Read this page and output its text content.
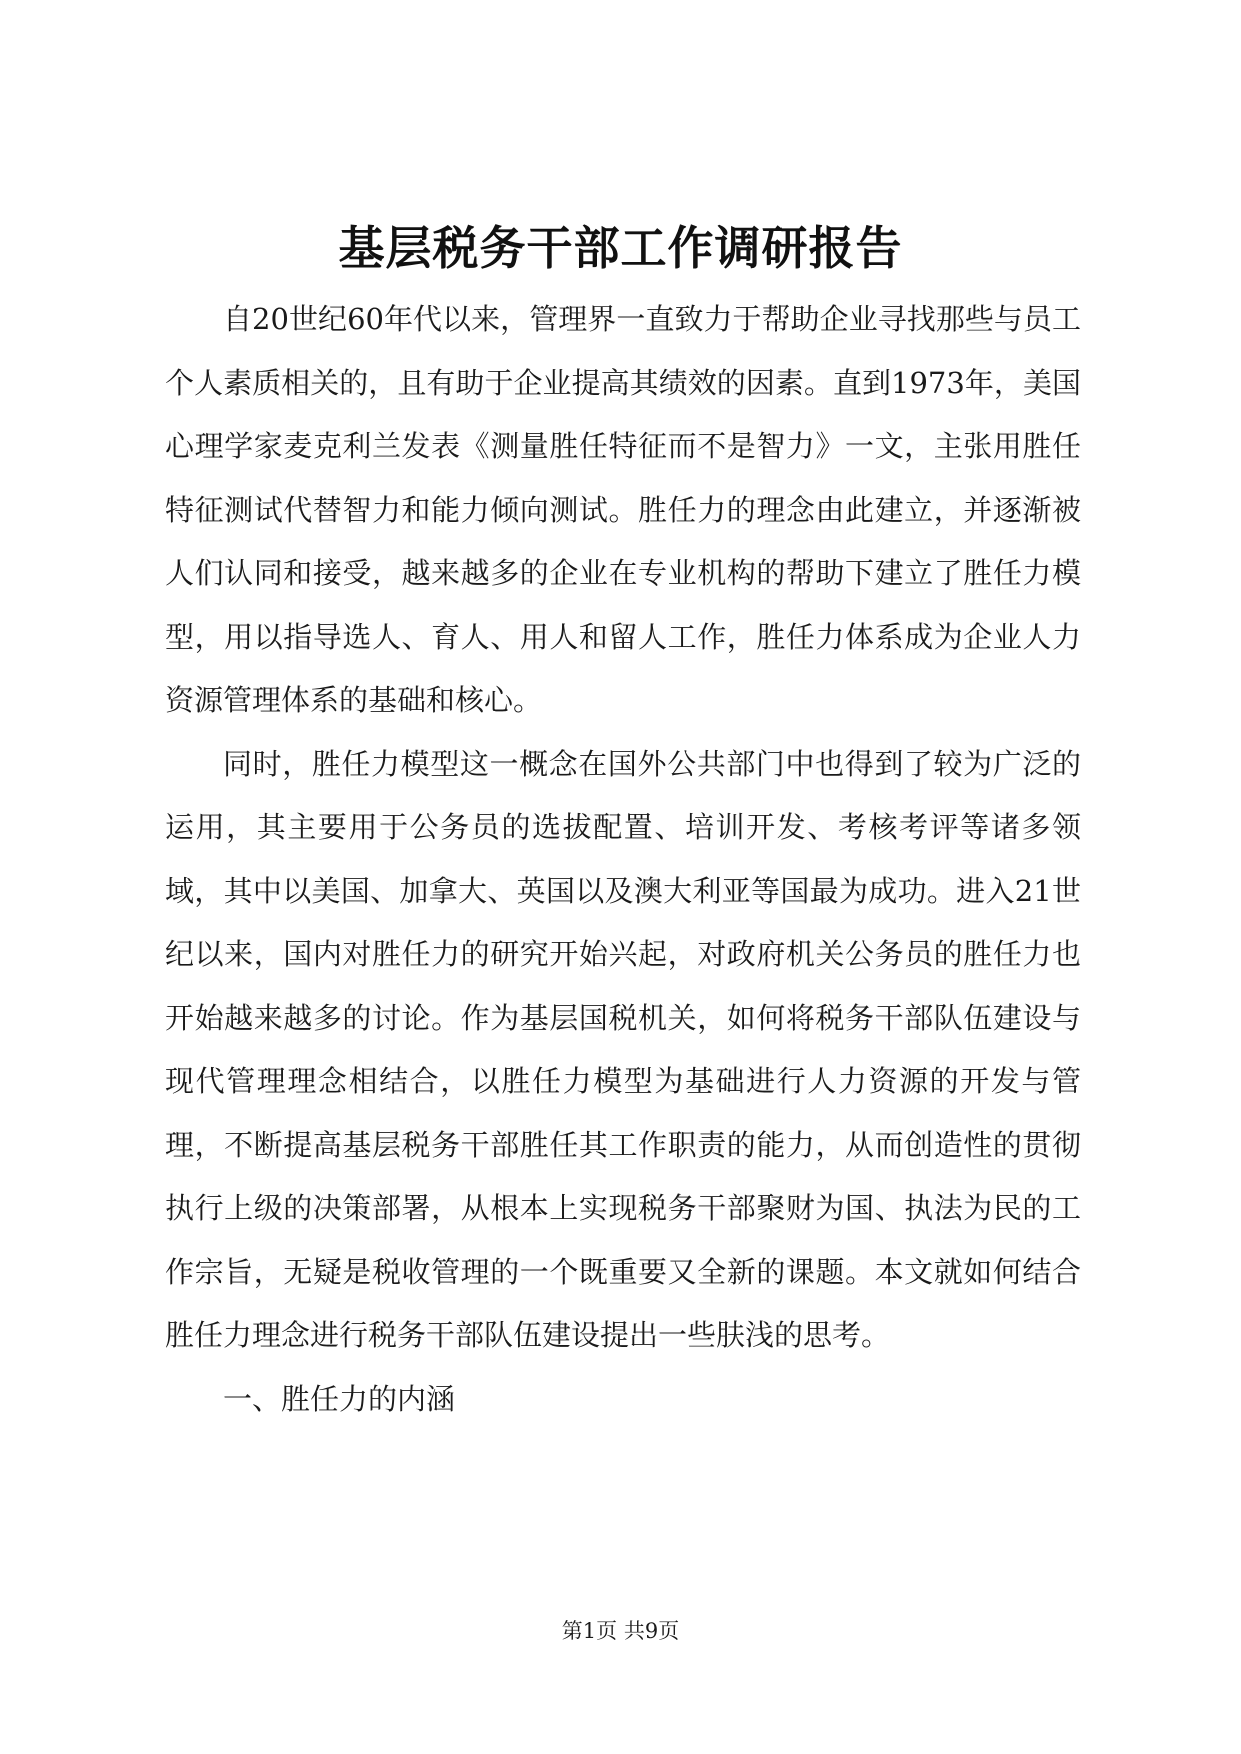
基层税务干部工作调研报告

自20世纪60年代以来，管理界一直致力于帮助企业寻找那些与员工个人素质相关的，且有助于企业提高其绩效的因素。直到1973年，美国心理学家麦克利兰发表《测量胜任特征而不是智力》一文，主张用胜任特征测试代替智力和能力倾向测试。胜任力的理念由此建立，并逐渐被人们认同和接受，越来越多的企业在专业机构的帮助下建立了胜任力模型，用以指导选人、育人、用人和留人工作，胜任力体系成为企业人力资源管理体系的基础和核心。

同时，胜任力模型这一概念在国外公共部门中也得到了较为广泛的运用，其主要用于公务员的选拔配置、培训开发、考核考评等诸多领域，其中以美国、加拿大、英国以及澳大利亚等国最为成功。进入21世纪以来，国内对胜任力的研究开始兴起，对政府机关公务员的胜任力也开始越来越多的讨论。作为基层国税机关，如何将税务干部队伍建设与现代管理理念相结合，以胜任力模型为基础进行人力资源的开发与管理，不断提高基层税务干部胜任其工作职责的能力，从而创造性的贯彻执行上级的决策部署，从根本上实现税务干部聚财为国、执法为民的工作宗旨，无疑是税收管理的一个既重要又全新的课题。本文就如何结合胜任力理念进行税务干部队伍建设提出一些肤浅的思考。

一、胜任力的内涵

第1页 共9页
